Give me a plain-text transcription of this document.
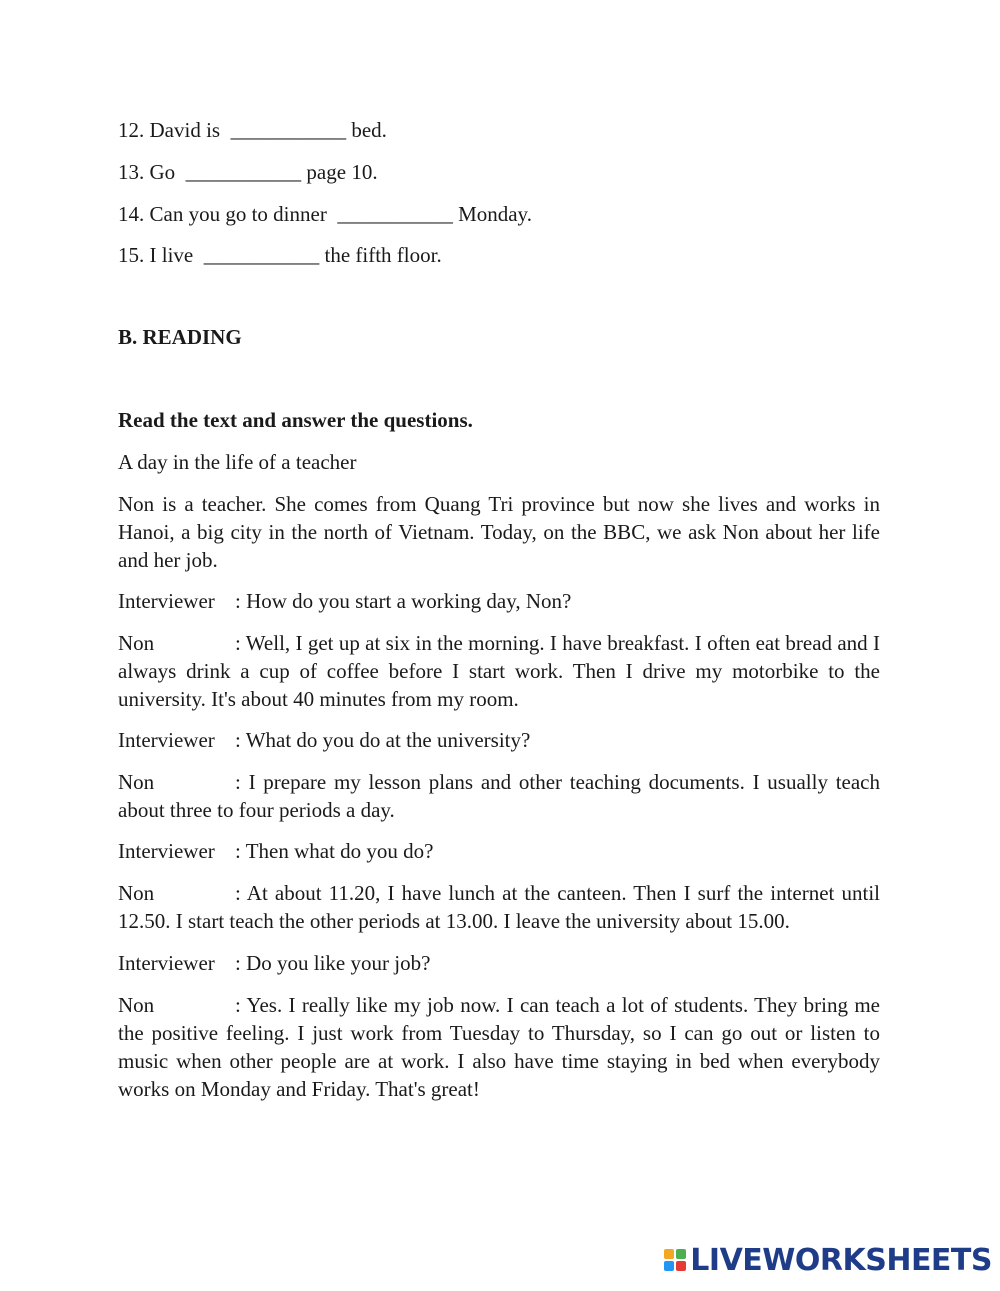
12. David is ___________ bed.
13. Go ___________ page 10.
14. Can you go to dinner ___________ Monday.
15. I live ___________ the fifth floor.
B. READING
Read the text and answer the questions.
A day in the life of a teacher
Non is a teacher. She comes from Quang Tri province but now she lives and works in Hanoi, a big city in the north of Vietnam. Today, on the BBC, we ask Non about her life and her job.
Interviewer : How do you start a working day, Non?
Non	: Well, I get up at six in the morning. I have breakfast. I often eat bread and I always drink a cup of coffee before I start work. Then I drive my motorbike to the university. It's about 40 minutes from my room.
Interviewer : What do you do at the university?
Non	: I prepare my lesson plans and other teaching documents. I usually teach about three to four periods a day.
Interviewer : Then what do you do?
Non	: At about 11.20, I have lunch at the canteen. Then I surf the internet until 12.50. I start teach the other periods at 13.00. I leave the university about 15.00.
Interviewer : Do you like your job?
Non	: Yes. I really like my job now. I can teach a lot of students. They bring me the positive feeling. I just work from Tuesday to Thursday, so I can go out or listen to music when other people are at work. I also have time staying in bed when everybody works on Monday and Friday. That's great!
LIVEWORKSHEETS
